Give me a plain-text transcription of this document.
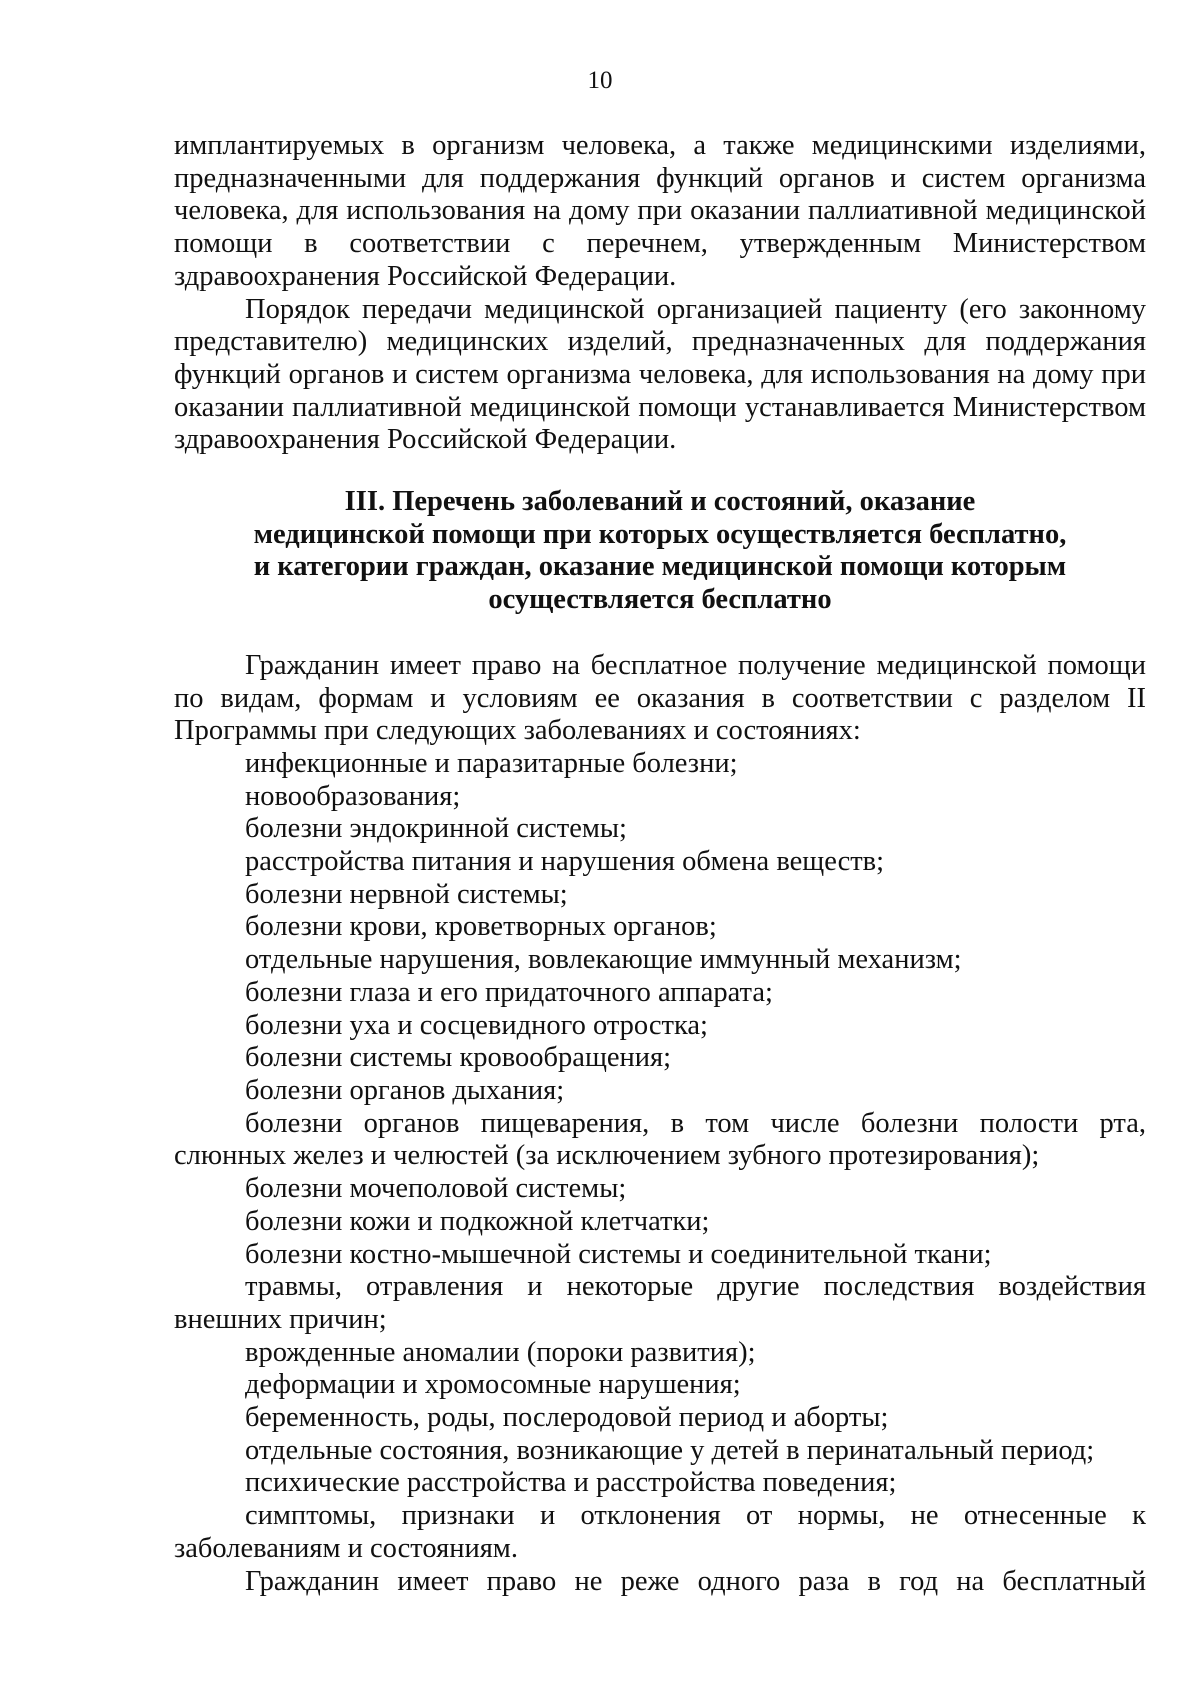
10

имплантируемых в организм человека, а также медицинскими изделиями, предназначенными для поддержания функций органов и систем организма человека, для использования на дому при оказании паллиативной медицинской помощи в соответствии с перечнем, утвержденным Министерством здравоохранения Российской Федерации.

Порядок передачи медицинской организацией пациенту (его законному представителю) медицинских изделий, предназначенных для поддержания функций органов и систем организма человека, для использования на дому при оказании паллиативной медицинской помощи устанавливается Министерством здравоохранения Российской Федерации.

III. Перечень заболеваний и состояний, оказание
медицинской помощи при которых осуществляется бесплатно,
и категории граждан, оказание медицинской помощи которым
осуществляется бесплатно

Гражданин имеет право на бесплатное получение медицинской помощи по видам, формам и условиям ее оказания в соответствии с разделом II Программы при следующих заболеваниях и состояниях:

инфекционные и паразитарные болезни;

новообразования;

болезни эндокринной системы;

расстройства питания и нарушения обмена веществ;

болезни нервной системы;

болезни крови, кроветворных органов;

отдельные нарушения, вовлекающие иммунный механизм;

болезни глаза и его придаточного аппарата;

болезни уха и сосцевидного отростка;

болезни системы кровообращения;

болезни органов дыхания;

болезни органов пищеварения, в том числе болезни полости рта, слюнных желез и челюстей (за исключением зубного протезирования);

болезни мочеполовой системы;

болезни кожи и подкожной клетчатки;

болезни костно-мышечной системы и соединительной ткани;

травмы, отравления и некоторые другие последствия воздействия внешних причин;

врожденные аномалии (пороки развития);

деформации и хромосомные нарушения;

беременность, роды, послеродовой период и аборты;

отдельные состояния, возникающие у детей в перинатальный период;

психические расстройства и расстройства поведения;

симптомы, признаки и отклонения от нормы, не отнесенные к заболеваниям и состояниям.

Гражданин имеет право не реже одного раза в год на бесплатный
